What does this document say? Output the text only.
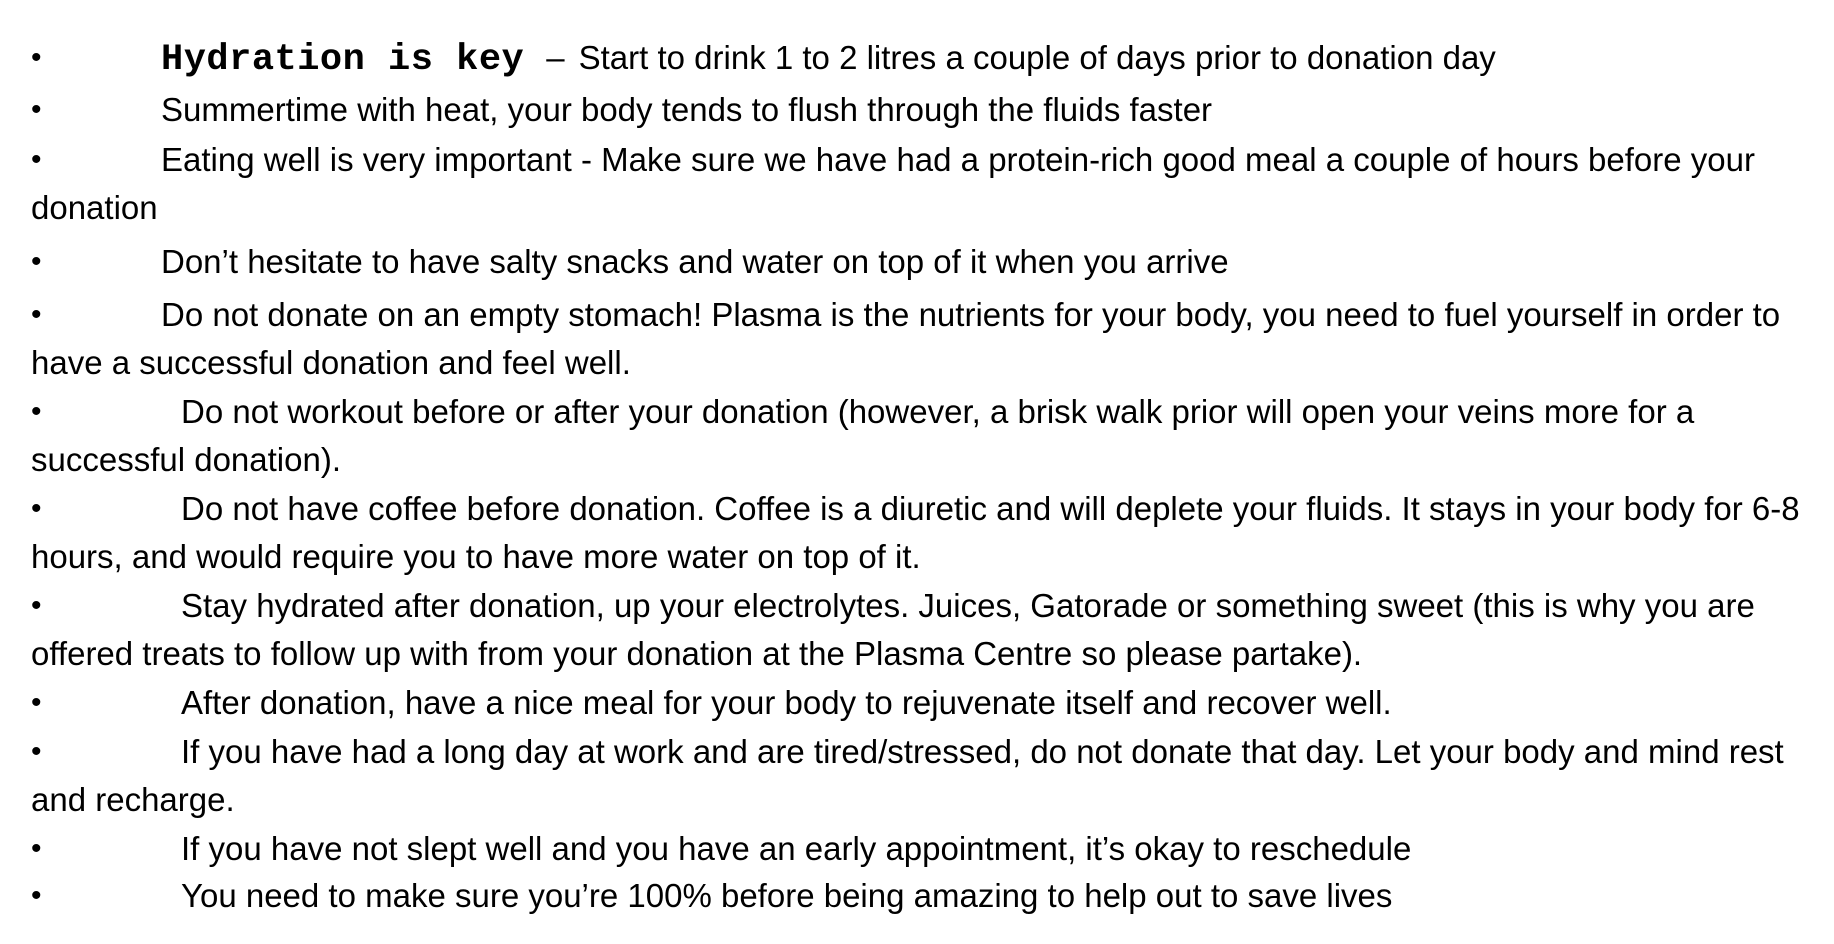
•	Hydration is key – Start to drink 1 to 2 litres a couple of days prior to donation day
•	Summertime with heat, your body tends to flush through the fluids faster
•	Eating well is very important - Make sure we have had a protein-rich good meal a couple of hours before your donation
•	Don’t hesitate to have salty snacks and water on top of it when you arrive
•	Do not donate on an empty stomach! Plasma is the nutrients for your body, you need to fuel yourself in order to have a successful donation and feel well.
•	Do not workout before or after your donation (however, a brisk walk prior will open your veins more for a successful donation).
•	Do not have coffee before donation. Coffee is a diuretic and will deplete your fluids. It stays in your body for 6-8 hours, and would require you to have more water on top of it.
•	Stay hydrated after donation, up your electrolytes. Juices, Gatorade or something sweet (this is why you are offered treats to follow up with from your donation at the Plasma Centre so please partake).
•	After donation, have a nice meal for your body to rejuvenate itself and recover well.
•	If you have had a long day at work and are tired/stressed, do not donate that day. Let your body and mind rest and recharge.
•	If you have not slept well and you have an early appointment, it’s okay to reschedule
•	You need to make sure you’re 100% before being amazing to help out to save lives
